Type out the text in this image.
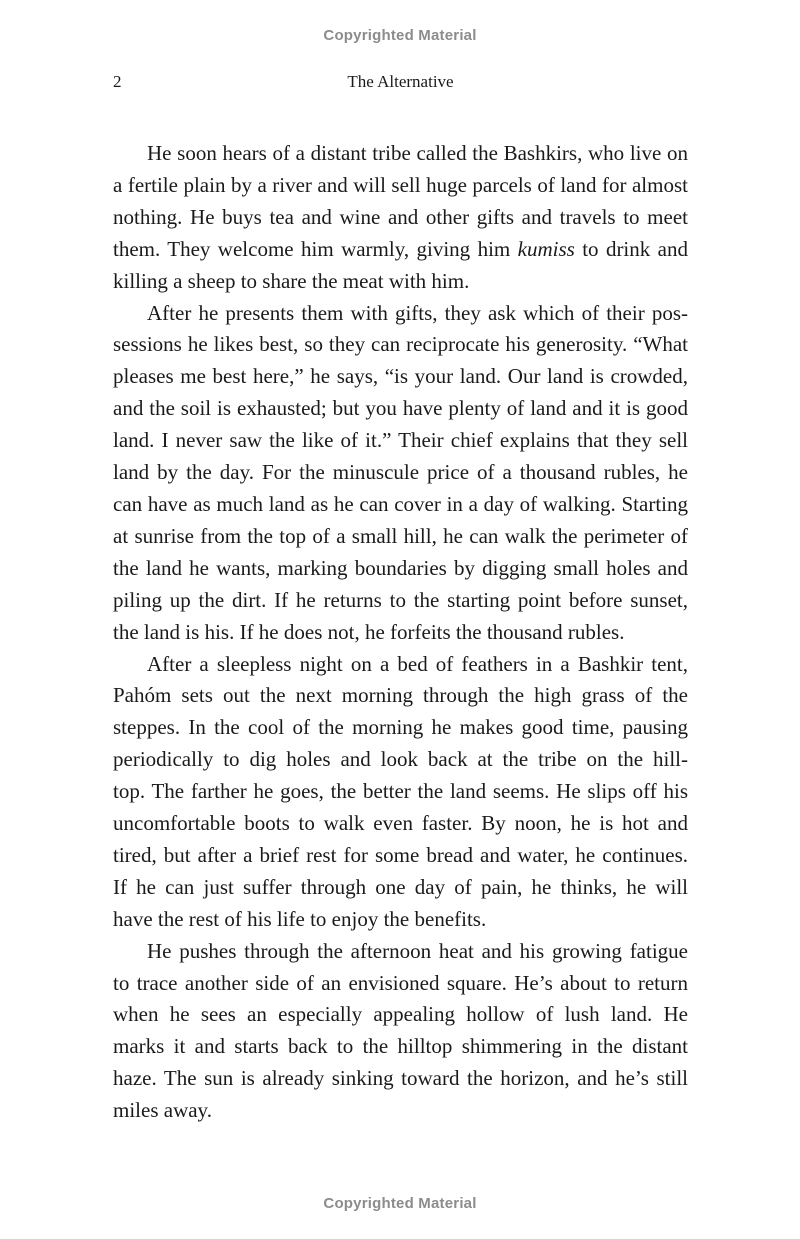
Copyrighted Material
2	The Alternative
He soon hears of a distant tribe called the Bashkirs, who live on
a fertile plain by a river and will sell huge parcels of land for almost
nothing. He buys tea and wine and other gifts and travels to meet
them. They welcome him warmly, giving him kumiss to drink and
killing a sheep to share the meat with him.
After he presents them with gifts, they ask which of their pos-
sessions he likes best, so they can reciprocate his generosity. “What
pleases me best here,” he says, “is your land. Our land is crowded,
and the soil is exhausted; but you have plenty of land and it is good
land. I never saw the like of it.” Their chief explains that they sell
land by the day. For the minuscule price of a thousand rubles, he
can have as much land as he can cover in a day of walking. Starting
at sunrise from the top of a small hill, he can walk the perimeter of
the land he wants, marking boundaries by digging small holes and
piling up the dirt. If he returns to the starting point before sunset,
the land is his. If he does not, he forfeits the thousand rubles.
After a sleepless night on a bed of feathers in a Bashkir tent,
Pahóm sets out the next morning through the high grass of the
steppes. In the cool of the morning he makes good time, pausing
periodically to dig holes and look back at the tribe on the hill-
top. The farther he goes, the better the land seems. He slips off his
uncomfortable boots to walk even faster. By noon, he is hot and
tired, but after a brief rest for some bread and water, he continues.
If he can just suffer through one day of pain, he thinks, he will
have the rest of his life to enjoy the benefits.
He pushes through the afternoon heat and his growing fatigue
to trace another side of an envisioned square. He’s about to return
when he sees an especially appealing hollow of lush land. He
marks it and starts back to the hilltop shimmering in the distant
haze. The sun is already sinking toward the horizon, and he’s still
miles away.
Copyrighted Material
